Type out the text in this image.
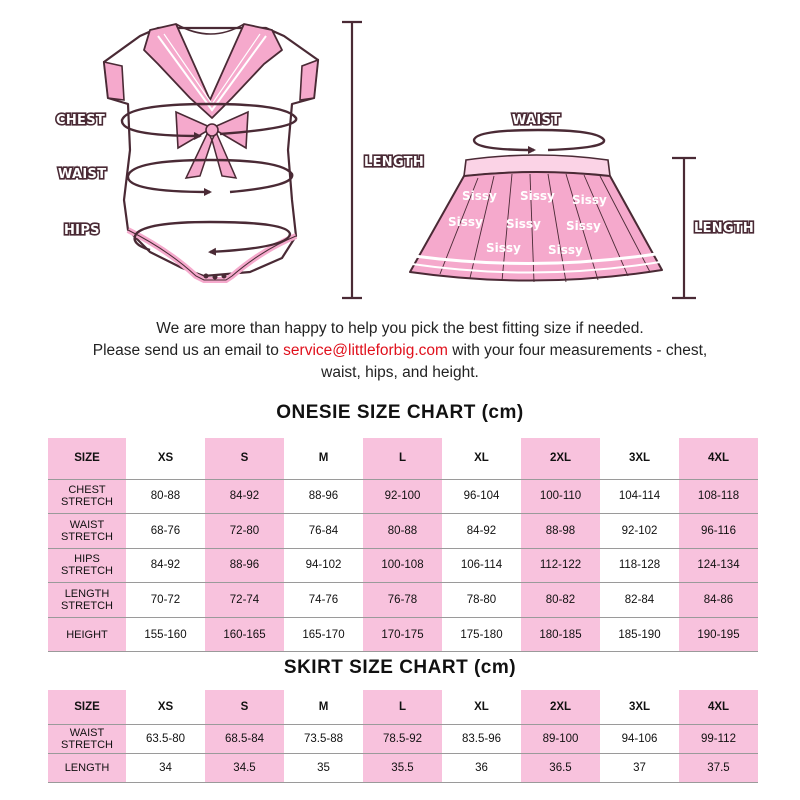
CHEST
WAIST
HIPS
LENGTH
Sissy Sissy Sissy
Sissy Sissy Sissy
Sissy Sissy
WAIST
LENGTH
We are more than happy to help you pick the best fitting size if needed.
Please send us an email to service@littleforbig.com with your four measurements - chest,
waist, hips, and height.
ONESIE SIZE CHART (cm)
SIZE	XS	S	M	L	XL	2XL	3XL	4XL
CHEST
STRETCH	80-88	84-92	88-96	92-100	96-104	100-110	104-114	108-118
WAIST
STRETCH	68-76	72-80	76-84	80-88	84-92	88-98	92-102	96-116
HIPS
STRETCH	84-92	88-96	94-102	100-108	106-114	112-122	118-128	124-134
LENGTH
STRETCH	70-72	72-74	74-76	76-78	78-80	80-82	82-84	84-86
HEIGHT	155-160	160-165	165-170	170-175	175-180	180-185	185-190	190-195
SKIRT SIZE CHART (cm)
SIZE	XS	S	M	L	XL	2XL	3XL	4XL
WAIST
STRETCH	63.5-80	68.5-84	73.5-88	78.5-92	83.5-96	89-100	94-106	99-112
LENGTH	34	34.5	35	35.5	36	36.5	37	37.5
